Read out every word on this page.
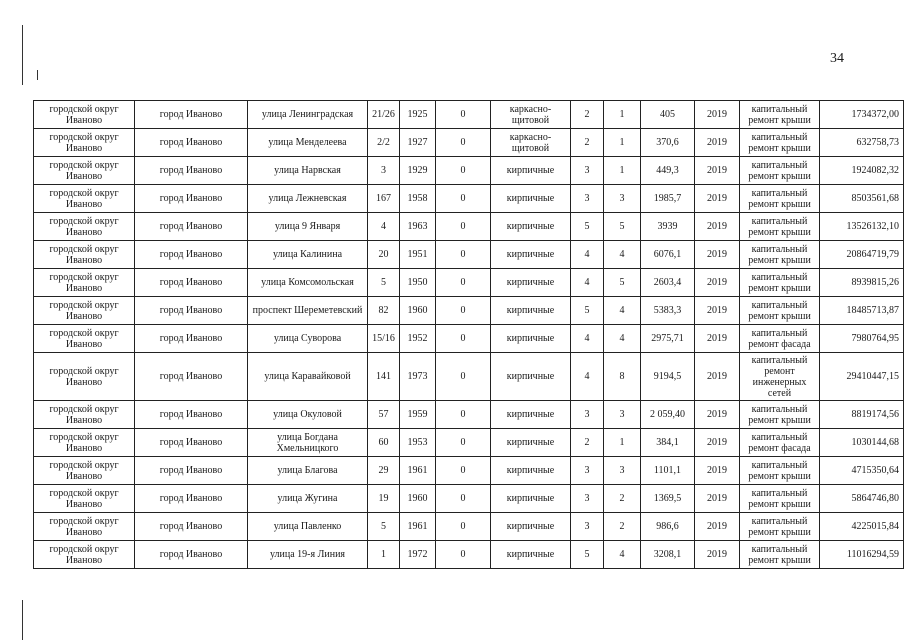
34
городской округ Иваново	город Иваново	улица Ленинградская	21/26	1925	0	каркасно-щитовой	2	1	405	2019	капитальный ремонт крыши	1734372,00
городской округ Иваново	город Иваново	улица Менделеева	2/2	1927	0	каркасно-щитовой	2	1	370,6	2019	капитальный ремонт крыши	632758,73
городской округ Иваново	город Иваново	улица Нарвская	3	1929	0	кирпичные	3	1	449,3	2019	капитальный ремонт крыши	1924082,32
городской округ Иваново	город Иваново	улица Лежневская	167	1958	0	кирпичные	3	3	1985,7	2019	капитальный ремонт крыши	8503561,68
городской округ Иваново	город Иваново	улица 9 Января	4	1963	0	кирпичные	5	5	3939	2019	капитальный ремонт крыши	13526132,10
городской округ Иваново	город Иваново	улица Калинина	20	1951	0	кирпичные	4	4	6076,1	2019	капитальный ремонт крыши	20864719,79
городской округ Иваново	город Иваново	улица Комсомольская	5	1950	0	кирпичные	4	5	2603,4	2019	капитальный ремонт крыши	8939815,26
городской округ Иваново	город Иваново	проспект Шереметевский	82	1960	0	кирпичные	5	4	5383,3	2019	капитальный ремонт крыши	18485713,87
городской округ Иваново	город Иваново	улица Суворова	15/16	1952	0	кирпичные	4	4	2975,71	2019	капитальный ремонт фасада	7980764,95
городской округ Иваново	город Иваново	улица Каравайковой	141	1973	0	кирпичные	4	8	9194,5	2019	капитальный ремонт инженерных сетей	29410447,15
городской округ Иваново	город Иваново	улица Окуловой	57	1959	0	кирпичные	3	3	2 059,40	2019	капитальный ремонт крыши	8819174,56
городской округ Иваново	город Иваново	улица Богдана Хмельницкого	60	1953	0	кирпичные	2	1	384,1	2019	капитальный ремонт фасада	1030144,68
городской округ Иваново	город Иваново	улица Благова	29	1961	0	кирпичные	3	3	1101,1	2019	капитальный ремонт крыши	4715350,64
городской округ Иваново	город Иваново	улица Жугина	19	1960	0	кирпичные	3	2	1369,5	2019	капитальный ремонт крыши	5864746,80
городской округ Иваново	город Иваново	улица Павленко	5	1961	0	кирпичные	3	2	986,6	2019	капитальный ремонт крыши	4225015,84
городской округ Иваново	город Иваново	улица 19-я Линия	1	1972	0	кирпичные	5	4	3208,1	2019	капитальный ремонт крыши	11016294,59
